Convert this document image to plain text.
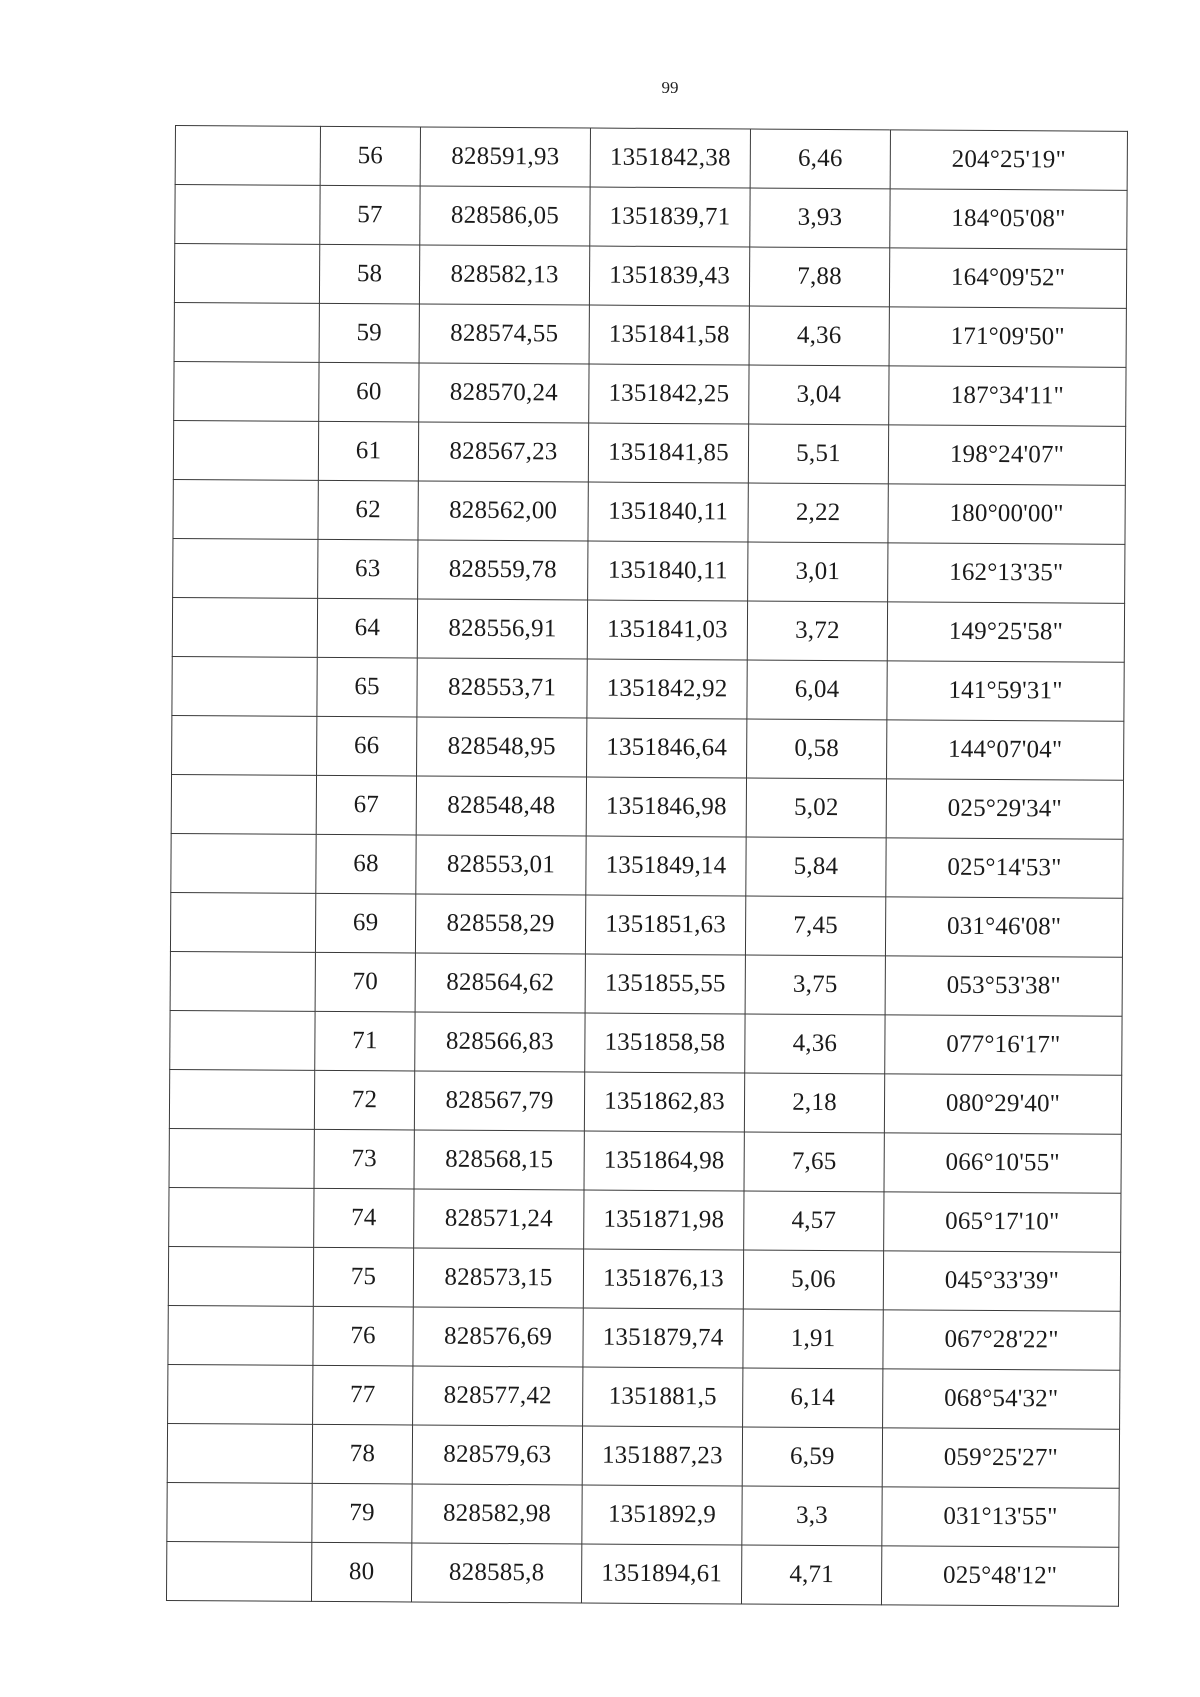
99
	56	828591,93	1351842,38	6,46	204°25'19"
	57	828586,05	1351839,71	3,93	184°05'08"
	58	828582,13	1351839,43	7,88	164°09'52"
	59	828574,55	1351841,58	4,36	171°09'50"
	60	828570,24	1351842,25	3,04	187°34'11"
	61	828567,23	1351841,85	5,51	198°24'07"
	62	828562,00	1351840,11	2,22	180°00'00"
	63	828559,78	1351840,11	3,01	162°13'35"
	64	828556,91	1351841,03	3,72	149°25'58"
	65	828553,71	1351842,92	6,04	141°59'31"
	66	828548,95	1351846,64	0,58	144°07'04"
	67	828548,48	1351846,98	5,02	025°29'34"
	68	828553,01	1351849,14	5,84	025°14'53"
	69	828558,29	1351851,63	7,45	031°46'08"
	70	828564,62	1351855,55	3,75	053°53'38"
	71	828566,83	1351858,58	4,36	077°16'17"
	72	828567,79	1351862,83	2,18	080°29'40"
	73	828568,15	1351864,98	7,65	066°10'55"
	74	828571,24	1351871,98	4,57	065°17'10"
	75	828573,15	1351876,13	5,06	045°33'39"
	76	828576,69	1351879,74	1,91	067°28'22"
	77	828577,42	1351881,5	6,14	068°54'32"
	78	828579,63	1351887,23	6,59	059°25'27"
	79	828582,98	1351892,9	3,3	031°13'55"
	80	828585,8	1351894,61	4,71	025°48'12"
